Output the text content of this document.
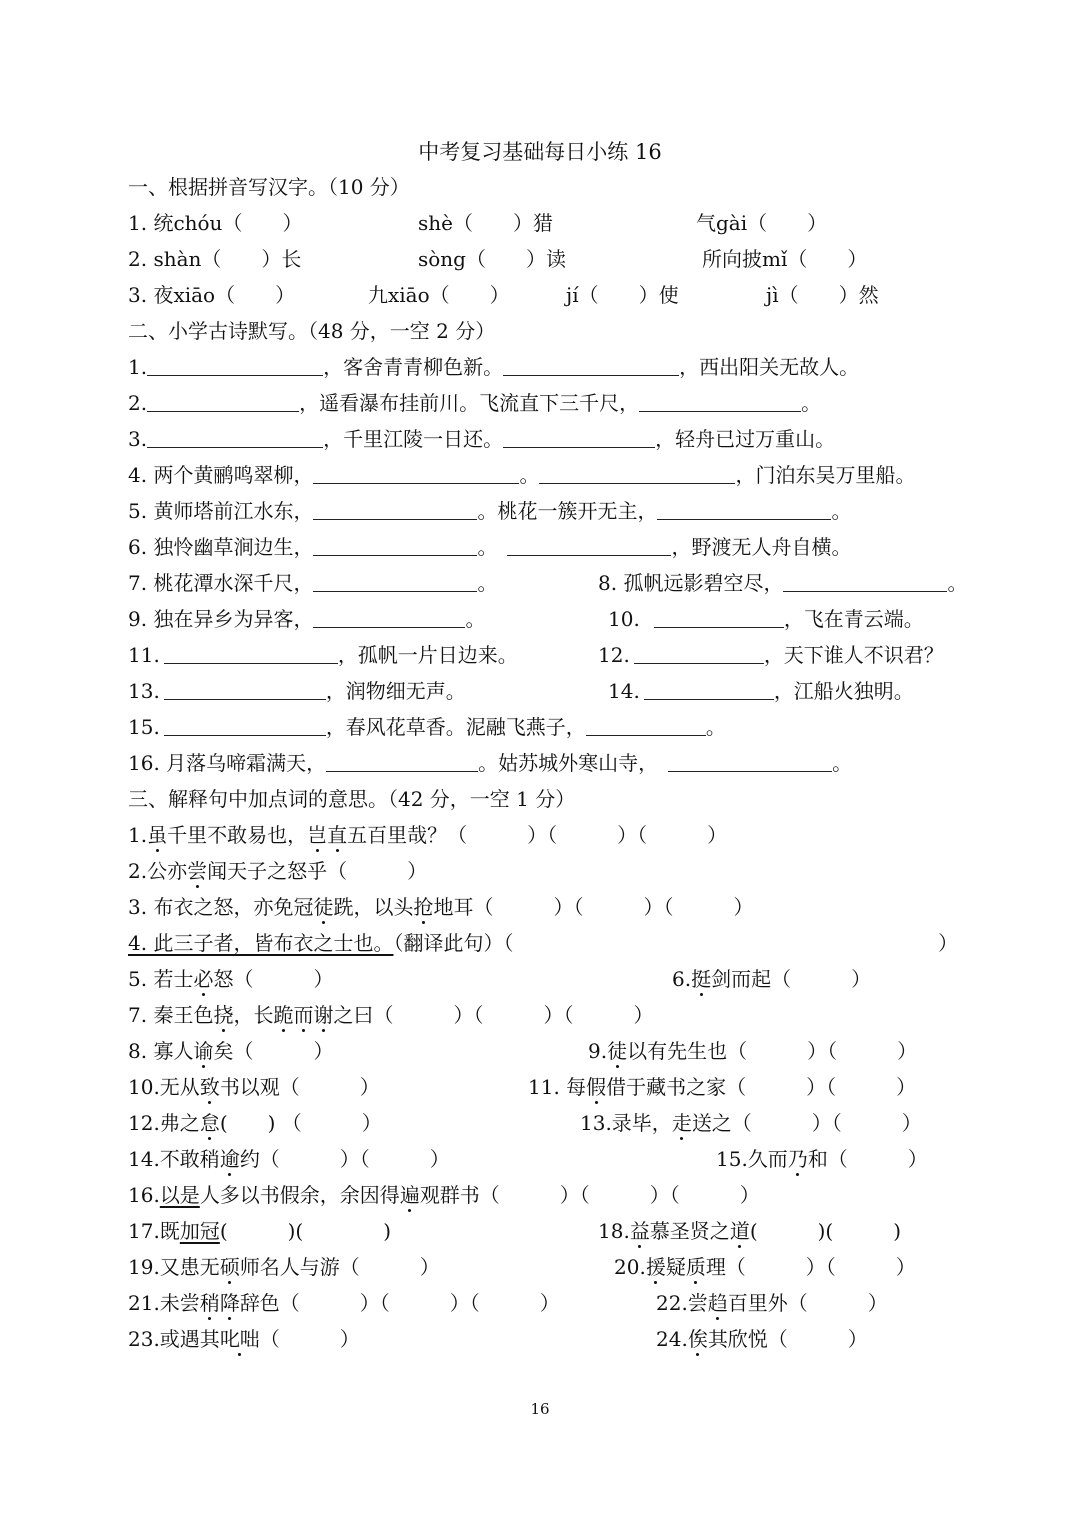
中考复习基础每日小练 16
一、根据拼音写汉字。（10 分）
1. 统chóu（　　）	shè（　　）猎	气gài（　　）
2. shàn（　　）长	sòng（　　）读	所向披mǐ（　　）
3. 夜xiāo（　　）	九xiāo（　　）	jí（　　）使	jì（　　）然
二、小学古诗默写。（48 分，一空 2 分）
1.	，客舍青青柳色新。	，西出阳关无故人。
2.	，遥看瀑布挂前川。飞流直下三千尺，	。
3.	，千里江陵一日还。	，轻舟已过万重山。
4. 两个黄鹂鸣翠柳，	。	，门泊东吴万里船。
5. 黄师塔前江水东，	。桃花一簇开无主，	。
6. 独怜幽草涧边生，	。	，野渡无人舟自横。
7. 桃花潭水深千尺，	。	8. 孤帆远影碧空尽，	。
9. 独在异乡为异客，	。	10.	，飞在青云端。
11.	，孤帆一片日边来。	12.	，天下谁人不识君？
13.	，润物细无声。	14.	，江船火独明。
15.	，春风花草香。泥融飞燕子，	。
16. 月落乌啼霜满天，	。姑苏城外寒山寺，	。
三、解释句中加点词的意思。（42 分，一空 1 分）
1.虽千里不敢易也，岂直五百里哉？（　　　）（　　　）（　　　）
2.公亦尝闻天子之怒乎（　　　）
3. 布衣之怒，亦免冠徒跣，以头抢地耳（　　　）（　　　）（　　　）
4. 此三子者，皆布衣之士也。（翻译此句）（	）
5. 若士必怒（　　　）	6.挺剑而起（　　　）
7. 秦王色挠，长跪而谢之曰（　　　）（　　　）（　　　）
8. 寡人谕矣（　　　）	9.徒以有先生也（　　　）（　　　）
10.无从致书以观（　　　）	11. 每假借于藏书之家（　　　）（　　　）
12.弗之怠(　　) （　　　）	13.录毕，走送之（　　　）（　　　）
14.不敢稍逾约（　　　）（　　　）	15.久而乃和（　　　）
16.以是人多以书假余，余因得遍观群书（　　　）（　　　）（　　　）
17.既加冠(　　　)(　　　　)	18.益慕圣贤之道(　　　)(　　　)
19.又患无硕师名人与游（　　　）	20.援疑质理（　　　）（　　　）
21.未尝稍降辞色（　　　）（　　　）（　　　）	22.尝趋百里外（　　　）
23.或遇其叱咄（　　　）	24.俟其欣悦（　　　）
16
